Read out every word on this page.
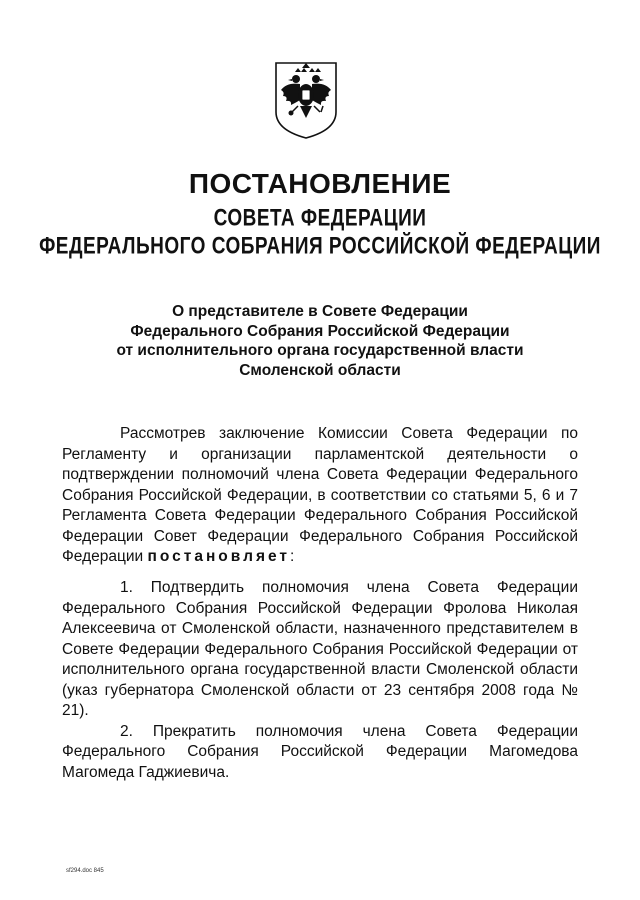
ПОСТАНОВЛЕНИЕ
СОВЕТА ФЕДЕРАЦИИ
ФЕДЕРАЛЬНОГО СОБРАНИЯ РОССИЙСКОЙ ФЕДЕРАЦИИ
О представителе в Совете Федерации
Федерального Собрания Российской Федерации
от исполнительного органа государственной власти
Смоленской области

Рассмотрев заключение Комиссии Совета Федерации по Регламенту и организации парламентской деятельности о подтверждении полномочий члена Совета Федерации Федерального Собрания Российской Федерации, в соответствии со статьями 5, 6 и 7 Регламента Совета Федерации Федерального Собрания Российской Федерации Совет Федерации Федерального Собрания Российской Федерации постановляет:

1. Подтвердить полномочия члена Совета Федерации Федерального Собрания Российской Федерации Фролова Николая Алексеевича от Смоленской области, назначенного представителем в Совете Федерации Федерального Собрания Российской Федерации от исполнительного органа государственной власти Смоленской области (указ губернатора Смоленской области от 23 сентября 2008 года № 21).

2. Прекратить полномочия члена Совета Федерации Федерального Собрания Российской Федерации Магомедова Магомеда Гаджиевича.

sf294.doc 845
